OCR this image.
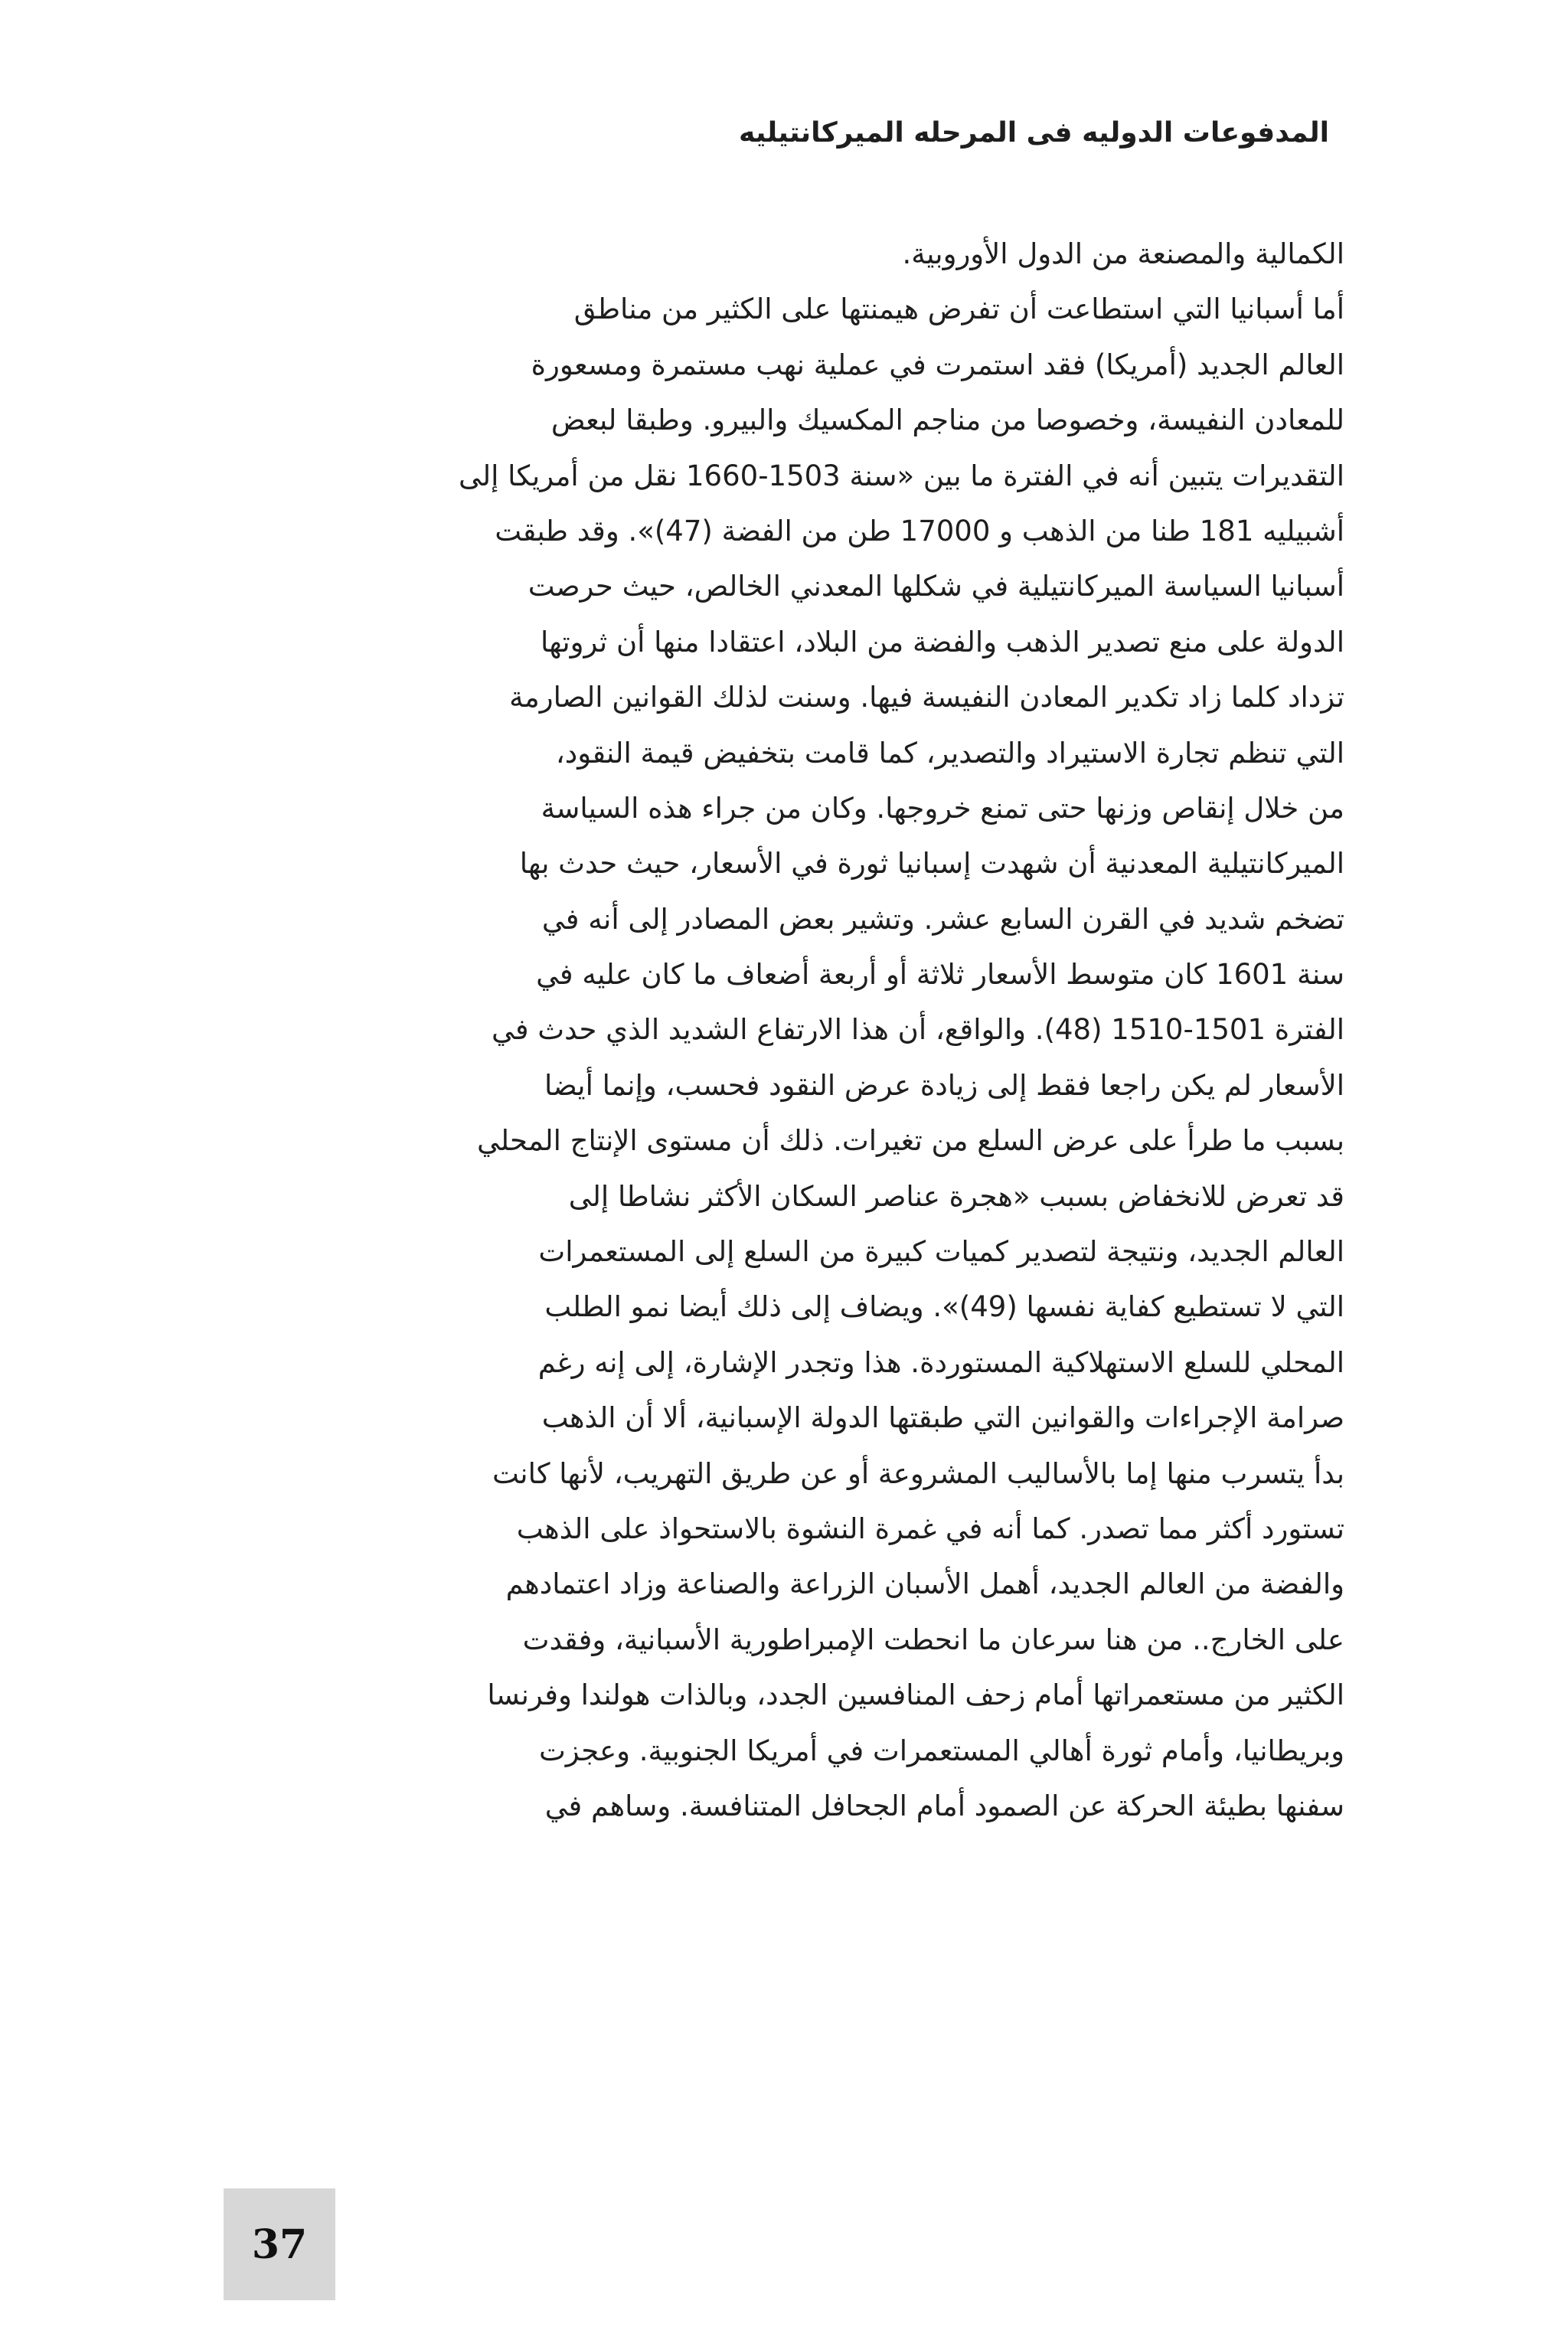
المدفوعات الدوليه فى المرحله الميركانتيليه
الكمالية والمصنعة من الدول الأوروبية.
أما أسبانيا التي استطاعت أن تفرض هيمنتها على الكثير من مناطق
العالم الجديد (أمريكا) فقد استمرت في عملية نهب مستمرة ومسعورة
للمعادن النفيسة، وخصوصا من مناجم المكسيك والبيرو. وطبقا لبعض
التقديرات يتبين أنه في الفترة ما بين «سنة 1503-1660 نقل من أمريكا إلى
أشبيليه 181 طنا من الذهب و 17000 طن من الفضة (47)». وقد طبقت
أسبانيا السياسة الميركانتيلية في شكلها المعدني الخالص، حيث حرصت
الدولة على منع تصدير الذهب والفضة من البلاد، اعتقادا منها أن ثروتها
تزداد كلما زاد تكدير المعادن النفيسة فيها. وسنت لذلك القوانين الصارمة
التي تنظم تجارة الاستيراد والتصدير، كما قامت بتخفيض قيمة النقود،
من خلال إنقاص وزنها حتى تمنع خروجها. وكان من جراء هذه السياسة
الميركانتيلية المعدنية أن شهدت إسبانيا ثورة في الأسعار، حيث حدث بها
تضخم شديد في القرن السابع عشر. وتشير بعض المصادر إلى أنه في
سنة 1601 كان متوسط الأسعار ثلاثة أو أربعة أضعاف ما كان عليه في
الفترة 1501-1510 (48). والواقع، أن هذا الارتفاع الشديد الذي حدث في
الأسعار لم يكن راجعا فقط إلى زيادة عرض النقود فحسب، وإنما أيضا
بسبب ما طرأ على عرض السلع من تغيرات. ذلك أن مستوى الإنتاج المحلي
قد تعرض للانخفاض بسبب «هجرة عناصر السكان الأكثر نشاطا إلى
العالم الجديد، ونتيجة لتصدير كميات كبيرة من السلع إلى المستعمرات
التي لا تستطيع كفاية نفسها (49)». ويضاف إلى ذلك أيضا نمو الطلب
المحلي للسلع الاستهلاكية المستوردة. هذا وتجدر الإشارة، إلى إنه رغم
صرامة الإجراءات والقوانين التي طبقتها الدولة الإسبانية، ألا أن الذهب
بدأ يتسرب منها إما بالأساليب المشروعة أو عن طريق التهريب، لأنها كانت
تستورد أكثر مما تصدر. كما أنه في غمرة النشوة بالاستحواذ على الذهب
والفضة من العالم الجديد، أهمل الأسبان الزراعة والصناعة وزاد اعتمادهم
على الخارج.. من هنا سرعان ما انحطت الإمبراطورية الأسبانية، وفقدت
الكثير من مستعمراتها أمام زحف المنافسين الجدد، وبالذات هولندا وفرنسا
وبريطانيا، وأمام ثورة أهالي المستعمرات في أمريكا الجنوبية. وعجزت
سفنها بطيئة الحركة عن الصمود أمام الجحافل المتنافسة. وساهم في
37
